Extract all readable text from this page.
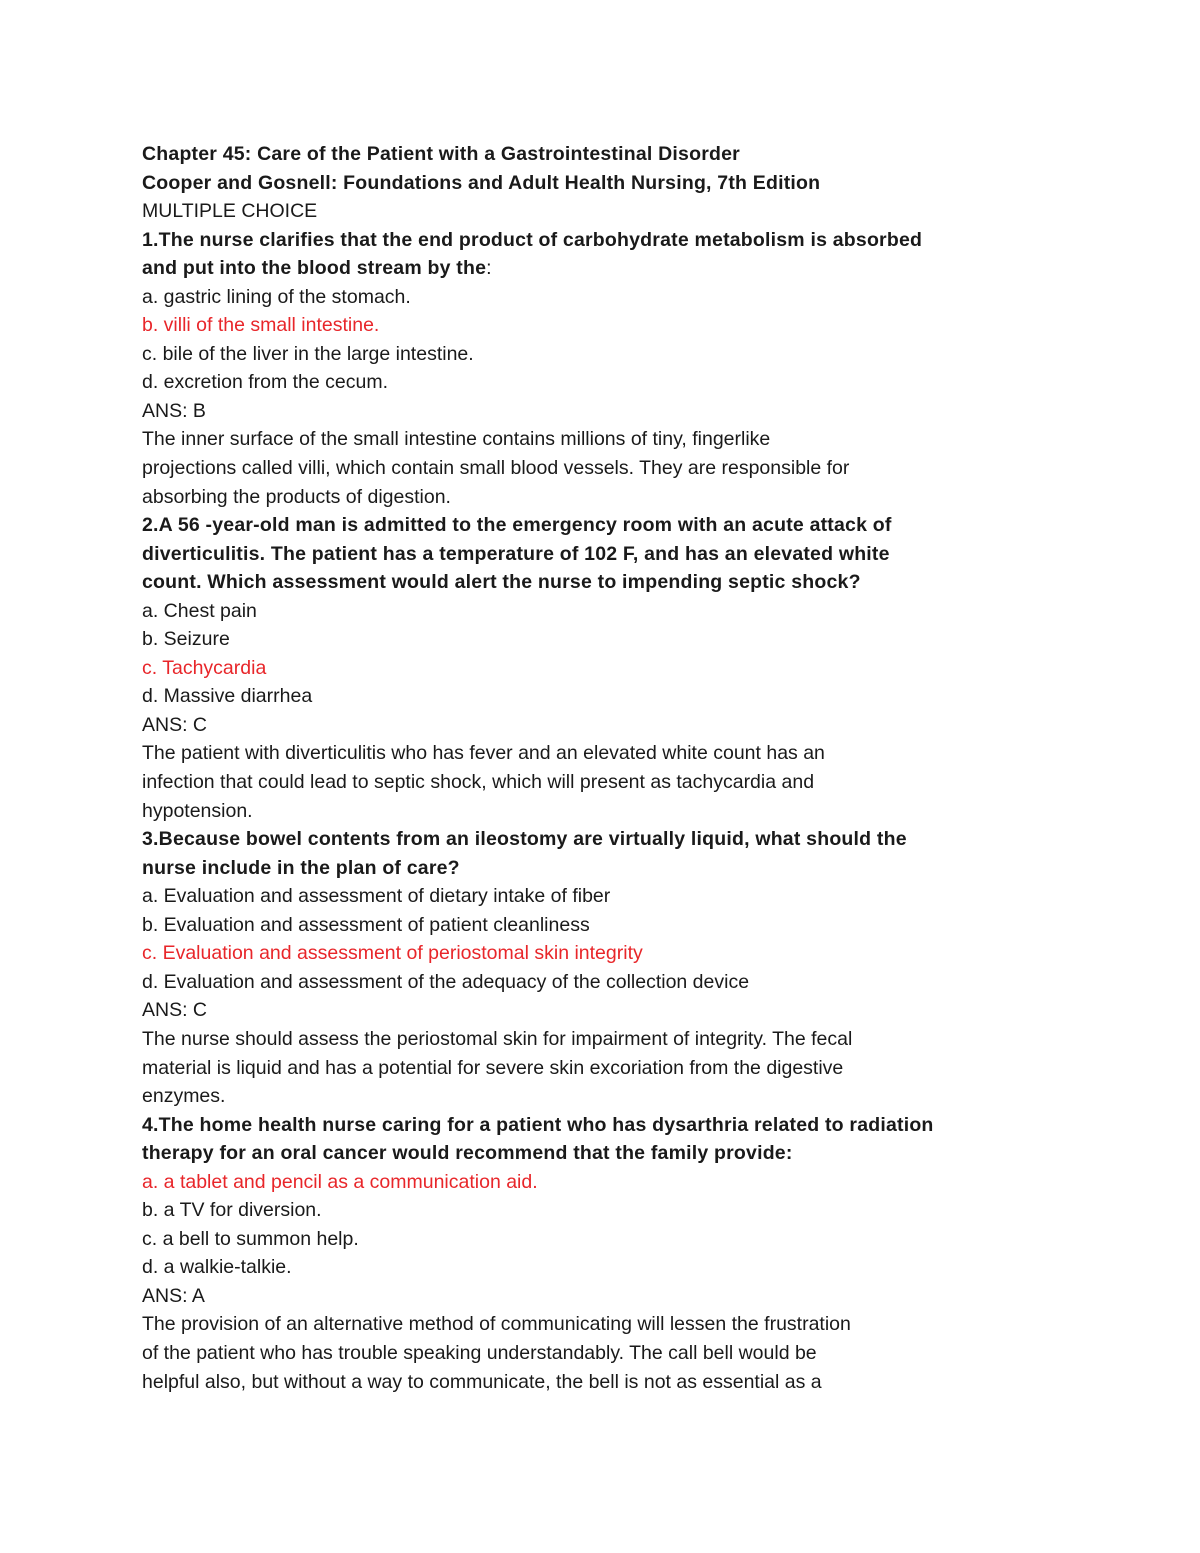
Chapter 45: Care of the Patient with a Gastrointestinal Disorder

Cooper and Gosnell: Foundations and Adult Health Nursing, 7th Edition

MULTIPLE CHOICE

1.The nurse clarifies that the end product of carbohydrate metabolism is absorbed

and put into the blood stream by the:

a. gastric lining of the stomach.

b. villi of the small intestine.

c. bile of the liver in the large intestine.

d. excretion from the cecum.

ANS: B

The inner surface of the small intestine contains millions of tiny, fingerlike

projections called villi, which contain small blood vessels. They are responsible for

absorbing the products of digestion.

2.A 56 -year-old man is admitted to the emergency room with an acute attack of

diverticulitis. The patient has a temperature of 102 F, and has an elevated white

count. Which assessment would alert the nurse to impending septic shock?

a. Chest pain

b. Seizure

c. Tachycardia

d. Massive diarrhea

ANS: C

The patient with diverticulitis who has fever and an elevated white count has an

infection that could lead to septic shock, which will present as tachycardia and

hypotension.

3.Because bowel contents from an ileostomy are virtually liquid, what should the

nurse include in the plan of care?

a. Evaluation and assessment of dietary intake of fiber

b. Evaluation and assessment of patient cleanliness

c. Evaluation and assessment of periostomal skin integrity

d. Evaluation and assessment of the adequacy of the collection device

ANS: C

The nurse should assess the periostomal skin for impairment of integrity. The fecal

material is liquid and has a potential for severe skin excoriation from the digestive

enzymes.

4.The home health nurse caring for a patient who has dysarthria related to radiation

therapy for an oral cancer would recommend that the family provide:

a. a tablet and pencil as a communication aid.

b. a TV for diversion.

c. a bell to summon help.

d. a walkie-talkie.

ANS: A

The provision of an alternative method of communicating will lessen the frustration

of the patient who has trouble speaking understandably. The call bell would be

helpful also, but without a way to communicate, the bell is not as essential as a
